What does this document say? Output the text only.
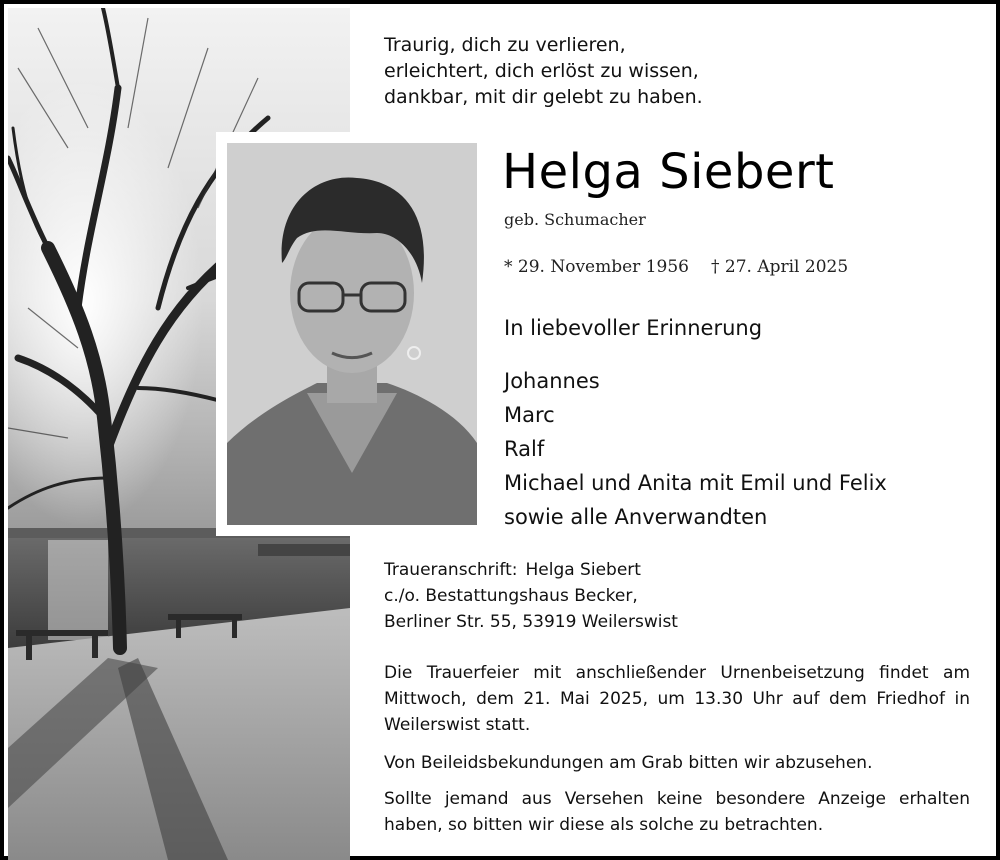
Traurig, dich zu verlieren,
erleichtert, dich erlöst zu wissen,
dankbar, mit dir gelebt zu haben.
Helga Siebert
geb. Schumacher
* 29. November 1956 † 27. April 2025
In liebevoller Erinnerung
Johannes
Marc
Ralf
Michael und Anita mit Emil und Felix
sowie alle Anverwandten
Traueranschrift: Helga Siebert
c./o. Bestattungshaus Becker,
Berliner Str. 55, 53919 Weilerswist
Die Trauerfeier mit anschließender Urnenbeisetzung findet am Mittwoch, dem 21. Mai 2025, um 13.30 Uhr auf dem Friedhof in Weilerswist statt.
Von Beileidsbekundungen am Grab bitten wir abzusehen.
Sollte jemand aus Versehen keine besondere Anzeige erhalten haben, so bitten wir diese als solche zu betrachten.
